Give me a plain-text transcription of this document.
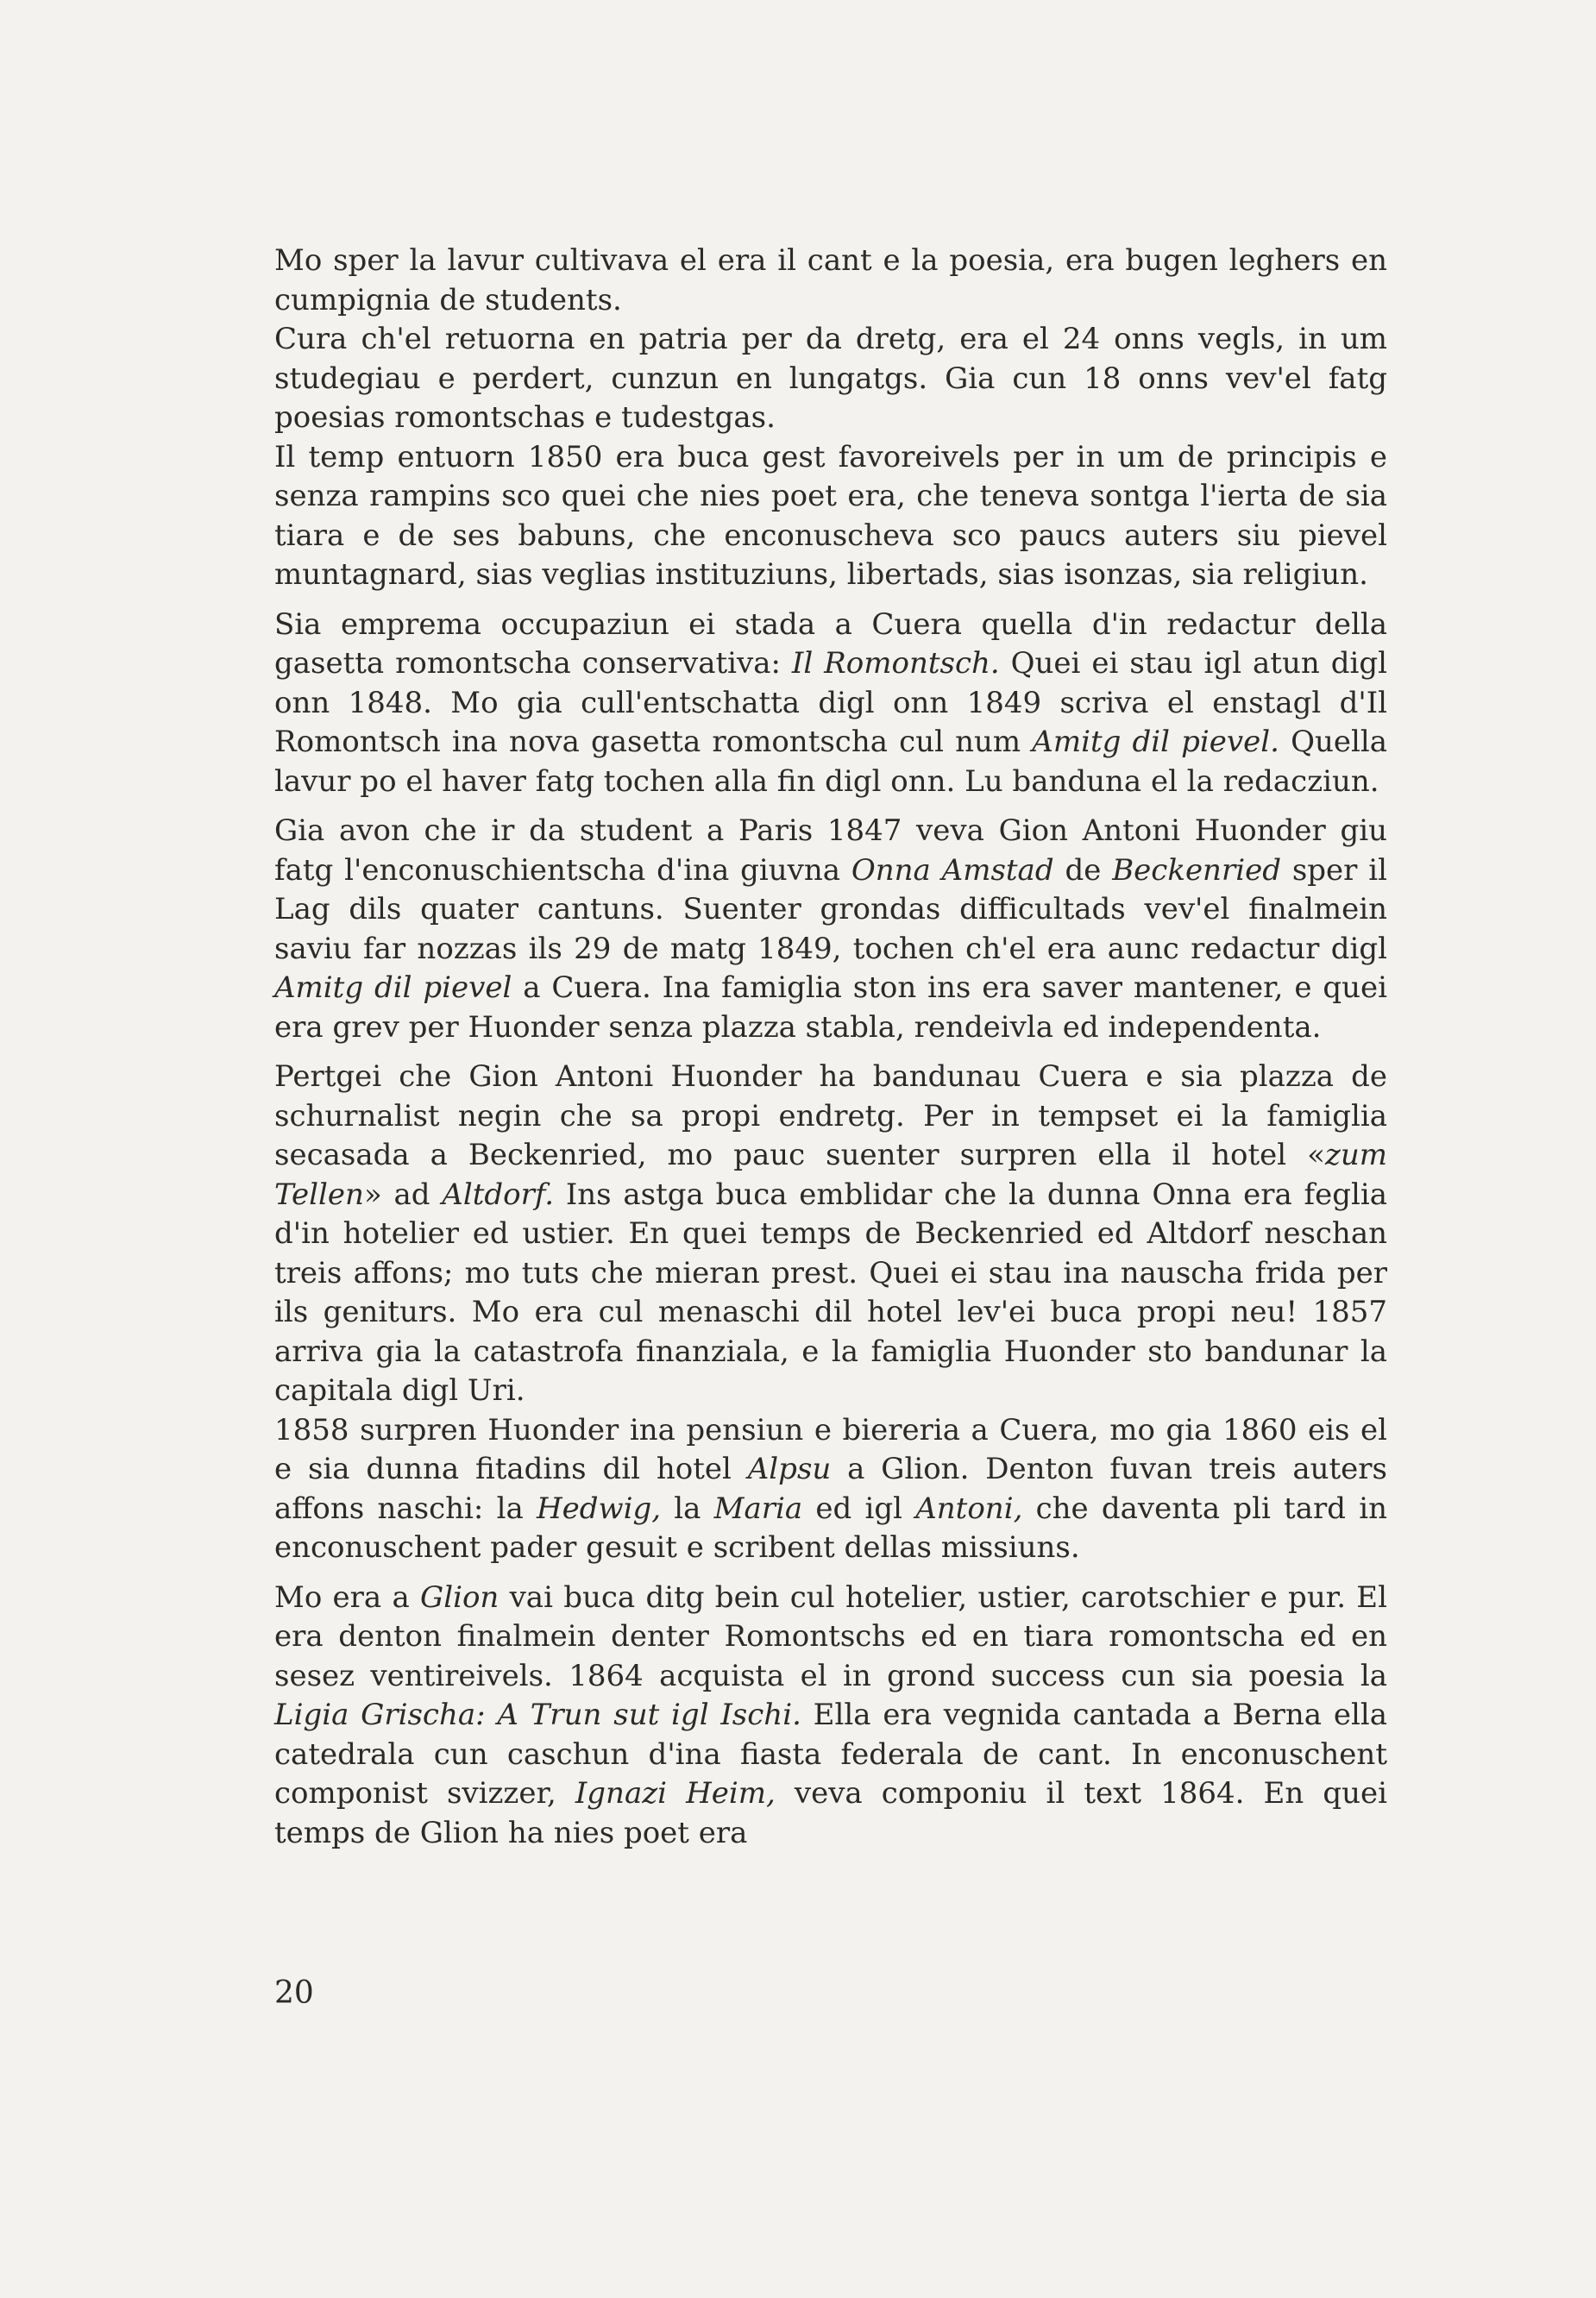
Mo sper la lavur cultivava el era il cant e la poesia, era bugen leghers en cumpignia de students.

Cura ch'el retuorna en patria per da dretg, era el 24 onns vegls, in um studegiau e perdert, cunzun en lungatgs. Gia cun 18 onns vev'el fatg poesias romontschas e tudestgas.

Il temp entuorn 1850 era buca gest favoreivels per in um de principis e senza rampins sco quei che nies poet era, che teneva sontga l'ierta de sia tiara e de ses babuns, che enconuscheva sco paucs auters siu pievel muntagnard, sias veglias instituziuns, libertads, sias isonzas, sia religiun.

Sia emprema occupaziun ei stada a Cuera quella d'in redactur della gasetta romontscha conservativa: Il Romontsch. Quei ei stau igl atun digl onn 1848. Mo gia cull'entschatta digl onn 1849 scriva el enstagl d'Il Romontsch ina nova gasetta romontscha cul num Amitg dil pievel. Quella lavur po el haver fatg tochen alla fin digl onn. Lu banduna el la redacziun.

Gia avon che ir da student a Paris 1847 veva Gion Antoni Huonder giu fatg l'enconuschientscha d'ina giuvna Onna Amstad de Beckenried sper il Lag dils quater cantuns. Suenter grondas difficultads vev'el finalmein saviu far nozzas ils 29 de matg 1849, tochen ch'el era aunc redactur digl Amitg dil pievel a Cuera. Ina famiglia ston ins era saver mantener, e quei era grev per Huonder senza plazza stabla, rendeivla ed independenta.

Pertgei che Gion Antoni Huonder ha bandunau Cuera e sia plazza de schurnalist negin che sa propi endretg. Per in tempset ei la famiglia secasada a Beckenried, mo pauc suenter surpren ella il hotel «zum Tellen» ad Altdorf. Ins astga buca emblidar che la dunna Onna era feglia d'in hotelier ed ustier. En quei temps de Beckenried ed Altdorf neschan treis affons; mo tuts che mieran prest. Quei ei stau ina nauscha frida per ils geniturs. Mo era cul menaschi dil hotel lev'ei buca propi neu! 1857 arriva gia la catastrofa finanziala, e la famiglia Huonder sto bandunar la capitala digl Uri.

1858 surpren Huonder ina pensiun e biereria a Cuera, mo gia 1860 eis el e sia dunna fitadins dil hotel Alpsu a Glion. Denton fuvan treis auters affons naschi: la Hedwig, la Maria ed igl Antoni, che daventa pli tard in enconuschent pader gesuit e scribent dellas missiuns.

Mo era a Glion vai buca ditg bein cul hotelier, ustier, carotschier e pur. El era denton finalmein denter Romontschs ed en tiara romontscha ed en sesez ventireivels. 1864 acquista el in grond success cun sia poesia la Ligia Grischa: A Trun sut igl Ischi. Ella era vegnida cantada a Berna ella catedrala cun caschun d'ina fiasta federala de cant. In enconuschent componist svizzer, Ignazi Heim, veva componiu il text 1864. En quei temps de Glion ha nies poet era

20
